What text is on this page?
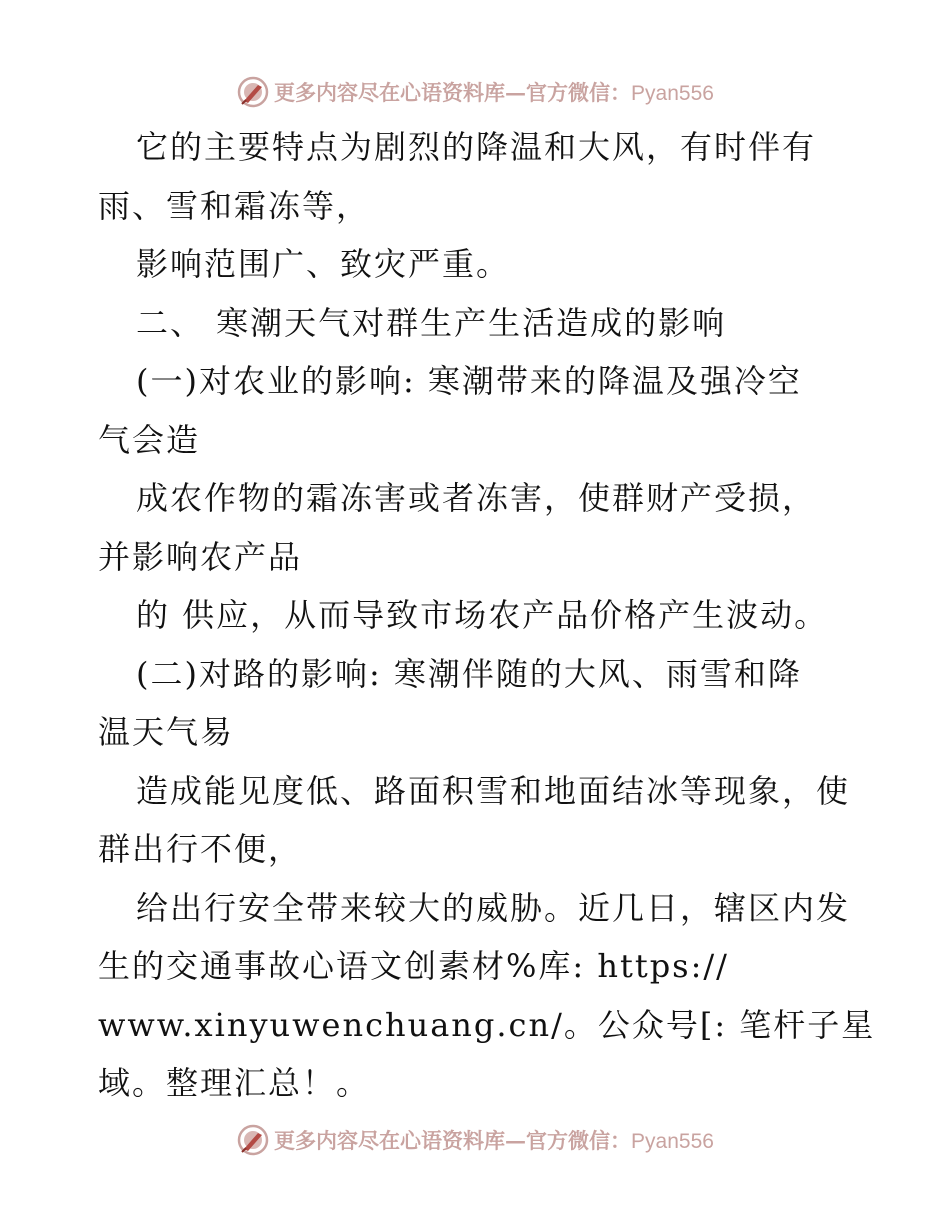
更多内容尽在心语资料库—官方微信：Pyan556
它的主要特点为剧烈的降温和大风，有时伴有
雨、雪和霜冻等，
影响范围广、致灾严重。
二、 寒潮天气对群生产生活造成的影响
(一)对农业的影响: 寒潮带来的降温及强冷空
气会造
成农作物的霜冻害或者冻害，使群财产受损，
并影响农产品
的 供应，从而导致市场农产品价格产生波动。
(二)对路的影响: 寒潮伴随的大风、雨雪和降
温天气易
造成能见度低、路面积雪和地面结冰等现象，使
群出行不便，
给出行安全带来较大的威胁。近几日，辖区内发
生的交通事故心语文创素材%库: https://
www.xinyuwenchuang.cn/。公众号[: 笔杆子星
域。整理汇总！。
更多内容尽在心语资料库—官方微信：Pyan556
